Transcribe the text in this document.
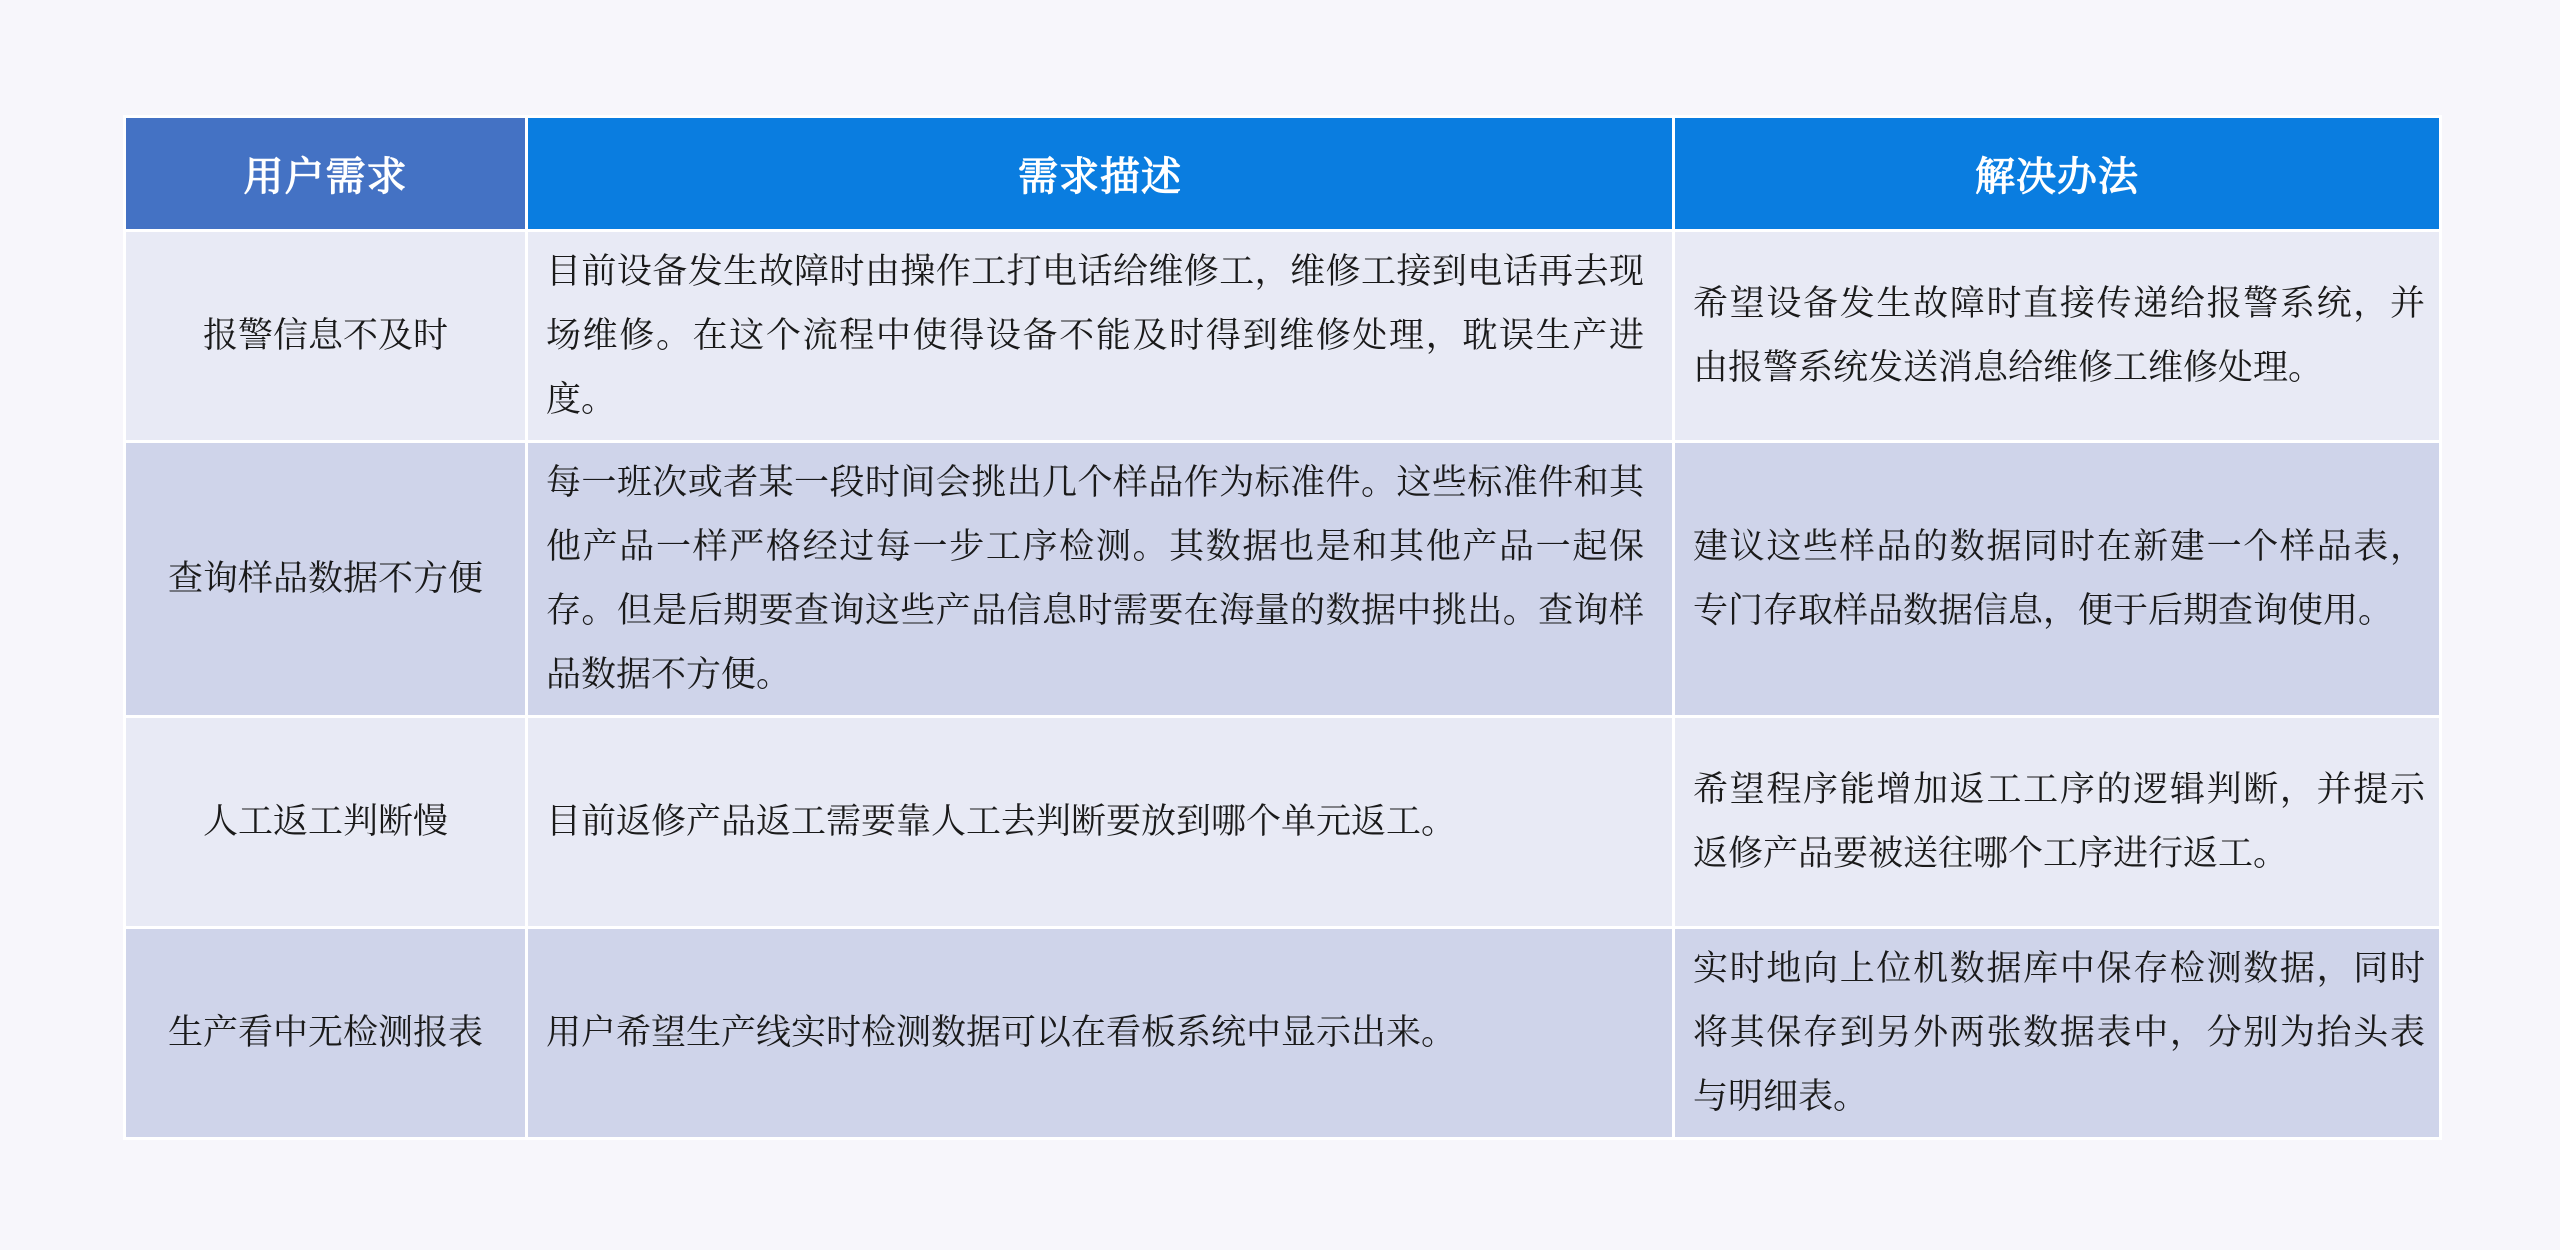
用户需求	需求描述	解决办法
报警信息不及时	目前设备发生故障时由操作工打电话给维修工，维修工接到电话再去现场维修。在这个流程中使得设备不能及时得到维修处理，耽误生产进度。	希望设备发生故障时直接传递给报警系统，并由报警系统发送消息给维修工维修处理。
查询样品数据不方便	每一班次或者某一段时间会挑出几个样品作为标准件。这些标准件和其他产品一样严格经过每一步工序检测。其数据也是和其他产品一起保存。但是后期要查询这些产品信息时需要在海量的数据中挑出。查询样品数据不方便。	建议这些样品的数据同时在新建一个样品表，专门存取样品数据信息，便于后期查询使用。
人工返工判断慢	目前返修产品返工需要靠人工去判断要放到哪个单元返工。	希望程序能增加返工工序的逻辑判断，并提示返修产品要被送往哪个工序进行返工。
生产看中无检测报表	用户希望生产线实时检测数据可以在看板系统中显示出来。	实时地向上位机数据库中保存检测数据，同时将其保存到另外两张数据表中，分别为抬头表与明细表。
